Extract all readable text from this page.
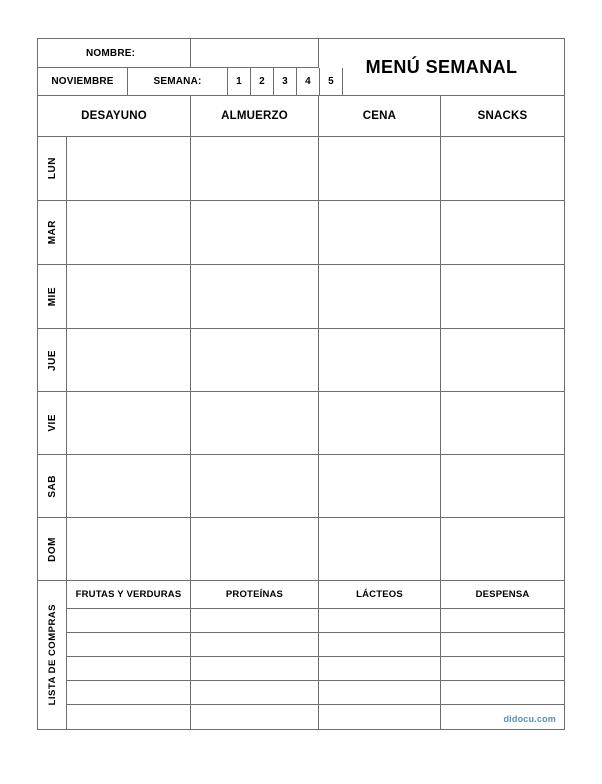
NOMBRE:
MENÚ SEMANAL
NOVIEMBRE	SEMANA:	1 2 3 4 5
DESAYUNO	ALMUERZO	CENA	SNACKS
LUN
MAR
MIE
JUE
VIE
SAB
DOM
LISTA DE COMPRAS
FRUTAS Y VERDURAS	PROTEÍNAS	LÁCTEOS	DESPENSA
didocu.com
